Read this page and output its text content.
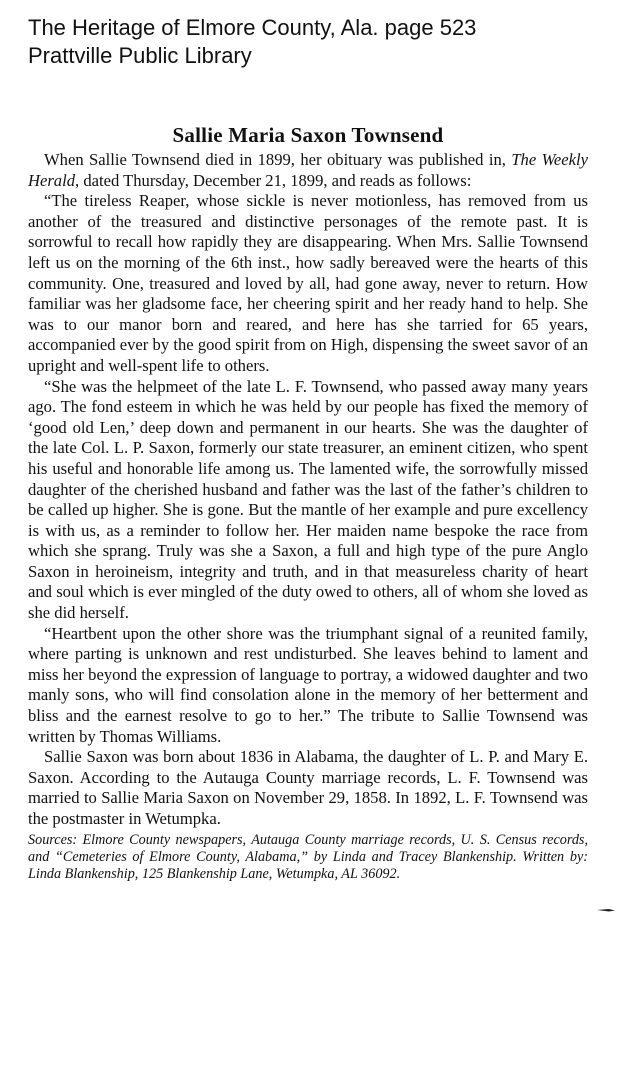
The Heritage of Elmore County, Ala. page 523
Prattville Public Library
Sallie Maria Saxon Townsend

When Sallie Townsend died in 1899, her obituary was published in, The Weekly Herald, dated Thursday, December 21, 1899, and reads as follows:

“The tireless Reaper, whose sickle is never motionless, has removed from us another of the treasured and distinctive personages of the remote past. It is sorrowful to recall how rapidly they are disappearing. When Mrs. Sallie Townsend left us on the morning of the 6th inst., how sadly bereaved were the hearts of this community. One, treasured and loved by all, had gone away, never to return. How familiar was her gladsome face, her cheering spirit and her ready hand to help. She was to our manor born and reared, and here has she tarried for 65 years, accompanied ever by the good spirit from on High, dispensing the sweet savor of an upright and well-spent life to others.

“She was the helpmeet of the late L. F. Townsend, who passed away many years ago. The fond esteem in which he was held by our people has fixed the memory of ‘good old Len,’ deep down and permanent in our hearts. She was the daughter of the late Col. L. P. Saxon, formerly our state treasurer, an eminent citizen, who spent his useful and honorable life among us. The lamented wife, the sorrowfully missed daughter of the cherished husband and father was the last of the father’s children to be called up higher. She is gone. But the mantle of her example and pure excellency is with us, as a reminder to follow her. Her maiden name bespoke the race from which she sprang. Truly was she a Saxon, a full and high type of the pure Anglo Saxon in heroineism, integrity and truth, and in that measureless charity of heart and soul which is ever mingled of the duty owed to others, all of whom she loved as she did herself.

“Heartbent upon the other shore was the triumphant signal of a reunited family, where parting is unknown and rest undisturbed. She leaves behind to lament and miss her beyond the expression of language to portray, a widowed daughter and two manly sons, who will find consolation alone in the memory of her betterment and bliss and the earnest resolve to go to her.” The tribute to Sallie Townsend was written by Thomas Williams.

Sallie Saxon was born about 1836 in Alabama, the daughter of L. P. and Mary E. Saxon. According to the Autauga County marriage records, L. F. Townsend was married to Sallie Maria Saxon on November 29, 1858. In 1892, L. F. Townsend was the postmaster in Wetumpka.

Sources: Elmore County newspapers, Autauga County marriage records, U. S. Census records, and “Cemeteries of Elmore County, Alabama,” by Linda and Tracey Blankenship. Written by: Linda Blankenship, 125 Blankenship Lane, Wetumpka, AL 36092.
